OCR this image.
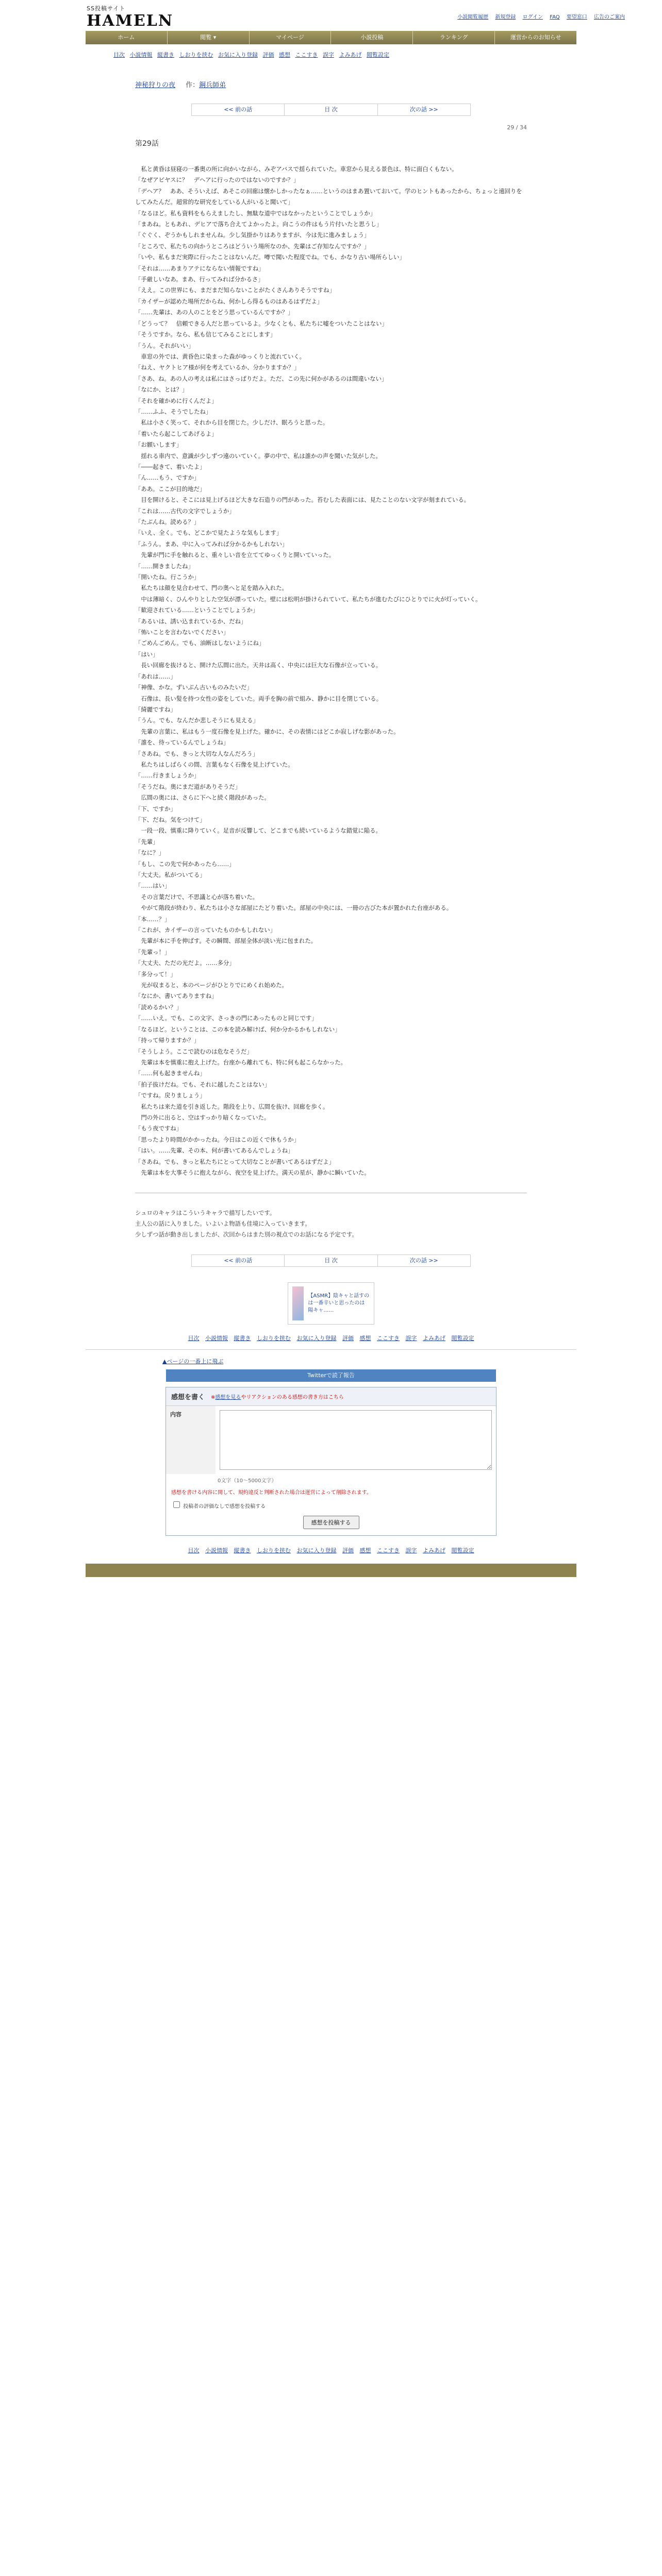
SS投稿サイト
HAMELN	小説閲覧履歴 新規登録 ログイン FAQ 要望窓口 広告のご案内
ホーム	閲覧 ▾	マイページ	小説投稿	ランキング	運営からのお知らせ
目次 小説情報 縦書き しおりを挟む お気に入り登録 評価 感想 ここすき 誤字 よみあげ 閲覧設定
神秘狩りの夜 作：鋼兵師弟
<< 前の話	目 次	次の話 >>
29 / 34
第29話

　私と黄昏は昼寝の一番奥の所に向かいながら、みぞアバスで揺られていた。車窓から見える景色は、特に面白くもない。

「なぜアビヤスに？　デヘアに行ったのではないのですか？」

「デヘア？　ああ、そういえば、あそこの回廊は懐かしかったなぁ……というのはまあ置いておいて。学のヒントもあったから、ちょっと遠回りをしてみたんだ。超常的な研究をしている人がいると聞いて」

「なるほど。私も資料をもらえましたし、無駄な道中ではなかったということでしょうか」

「まあね。ともあれ、デヒアで落ち合えてよかったよ。向こうの件はもう片付いたと思うし」

「ぐぐく、ぞうかもしれませんね。少し気掛かりはありますが、今は先に進みましょう」

「ところで、私たちの向かうところはどういう場所なのか、先輩はご存知なんですか？」

「いや、私もまだ実際に行ったことはないんだ。噂で聞いた程度でね。でも、かなり古い場所らしい」

「それは……あまりアテにならない情報ですね」

「手厳しいなあ。まあ、行ってみれば分かるさ」

「ええ。この世界にも、まだまだ知らないことがたくさんありそうですね」

「カイザーが認めた場所だからね、何かしら得るものはあるはずだよ」

「……先輩は、あの人のことをどう思っているんですか？」

「どうって？　信頼できる人だと思っているよ。少なくとも、私たちに嘘をついたことはない」

「そうですか。なら、私も信じてみることにします」

「うん。それがいい」

　車窓の外では、黄昏色に染まった森がゆっくりと流れていく。

「ねえ、ヤクトヒア様が何を考えているか、分かりますか？」

「さあ、ね。あの人の考えは私にはさっぱりだよ。ただ、この先に何かがあるのは間違いない」

「なにか、とは？」

「それを確かめに行くんだよ」

「……ふふ、そうでしたね」

　私は小さく笑って、それから目を閉じた。少しだけ、眠ろうと思った。

「着いたら起こしてあげるよ」

「お願いします」

　揺れる車内で、意識が少しずつ遠のいていく。夢の中で、私は誰かの声を聞いた気がした。

「――起きて、着いたよ」

「ん……もう、ですか」

「ああ。ここが目的地だ」

　目を開けると、そこには見上げるほど大きな石造りの門があった。苔むした表面には、見たことのない文字が刻まれている。

「これは……古代の文字でしょうか」

「たぶんね。読める？」

「いえ、全く。でも、どこかで見たような気もします」

「ふうん。まあ、中に入ってみれば分かるかもしれない」

　先輩が門に手を触れると、重々しい音を立ててゆっくりと開いていった。

「……開きましたね」

「開いたね。行こうか」

　私たちは顔を見合わせて、門の奥へと足を踏み入れた。

　中は薄暗く、ひんやりとした空気が漂っていた。壁には松明が掛けられていて、私たちが進むたびにひとりでに火が灯っていく。

「歓迎されている……ということでしょうか」

「あるいは、誘い込まれているか、だね」

「怖いことを言わないでください」

「ごめんごめん。でも、油断はしないようにね」

「はい」

　長い回廊を抜けると、開けた広間に出た。天井は高く、中央には巨大な石像が立っている。

「あれは……」

「神像、かな。ずいぶん古いものみたいだ」

　石像は、長い髪を持つ女性の姿をしていた。両手を胸の前で組み、静かに目を閉じている。

「綺麗ですね」

「うん。でも、なんだか悲しそうにも見える」

　先輩の言葉に、私はもう一度石像を見上げた。確かに、その表情にはどこか寂しげな影があった。

「誰を、待っているんでしょうね」

「さあね。でも、きっと大切な人なんだろう」

　私たちはしばらくの間、言葉もなく石像を見上げていた。

「……行きましょうか」

「そうだね。奥にまだ道がありそうだ」

　広間の奥には、さらに下へと続く階段があった。

「下、ですか」

「下、だね。気をつけて」

　一段一段、慎重に降りていく。足音が反響して、どこまでも続いているような錯覚に陥る。

「先輩」

「なに？」

「もし、この先で何かあったら……」

「大丈夫。私がついてる」

「……はい」

　その言葉だけで、不思議と心が落ち着いた。

　やがて階段が終わり、私たちは小さな部屋にたどり着いた。部屋の中央には、一冊の古びた本が置かれた台座がある。

「本……？」

「これが、カイザーの言っていたものかもしれない」

　先輩が本に手を伸ばす。その瞬間、部屋全体が淡い光に包まれた。

「先輩っ！」

「大丈夫、ただの光だよ。……多分」

「多分って！」

　光が収まると、本のページがひとりでにめくれ始めた。

「なにか、書いてありますね」

「読めるかい？」

「……いえ。でも、この文字、さっきの門にあったものと同じです」

「なるほど。ということは、この本を読み解けば、何か分かるかもしれない」

「持って帰りますか？」

「そうしよう。ここで読むのは危なそうだ」

　先輩は本を慎重に抱え上げた。台座から離れても、特に何も起こらなかった。

「……何も起きませんね」

「拍子抜けだね。でも、それに越したことはない」

「ですね。戻りましょう」

　私たちは来た道を引き返した。階段を上り、広間を抜け、回廊を歩く。

　門の外に出ると、空はすっかり暗くなっていた。

「もう夜ですね」

「思ったより時間がかかったね。今日はこの近くで休もうか」

「はい。……先輩、その本、何が書いてあるんでしょうね」

「さあね。でも、きっと私たちにとって大切なことが書いてあるはずだよ」

　先輩は本を大事そうに抱えながら、夜空を見上げた。満天の星が、静かに瞬いていた。

シュロのキャラはこういうキャラで描写したいです。

主人公の話に入りました。いよいよ物語も佳境に入っていきます。

少しずつ話が動き出しましたが、次回からはまた別の視点でのお話になる予定です。

<< 前の話	目 次	次の話 >>
【ASMR】陰キャと話すのは一番辛いと思ったのは陽キャ……
目次 小説情報 縦書き しおりを挟む お気に入り登録 評価 感想 ここすき 誤字 よみあげ 閲覧設定
▲ページの一番上に飛ぶ
Twitterで読了報告
感想を書く ※感想を見るやリアクションのある感想の書き方はこちら
内容
0文字（10〜5000文字）
感想を書ける内容に関して、規約違反と判断された場合は運営によって削除されます。
投稿者の評価なしで感想を投稿する
感想を投稿する
目次 小説情報 縦書き しおりを挟む お気に入り登録 評価 感想 ここすき 誤字 よみあげ 閲覧設定
